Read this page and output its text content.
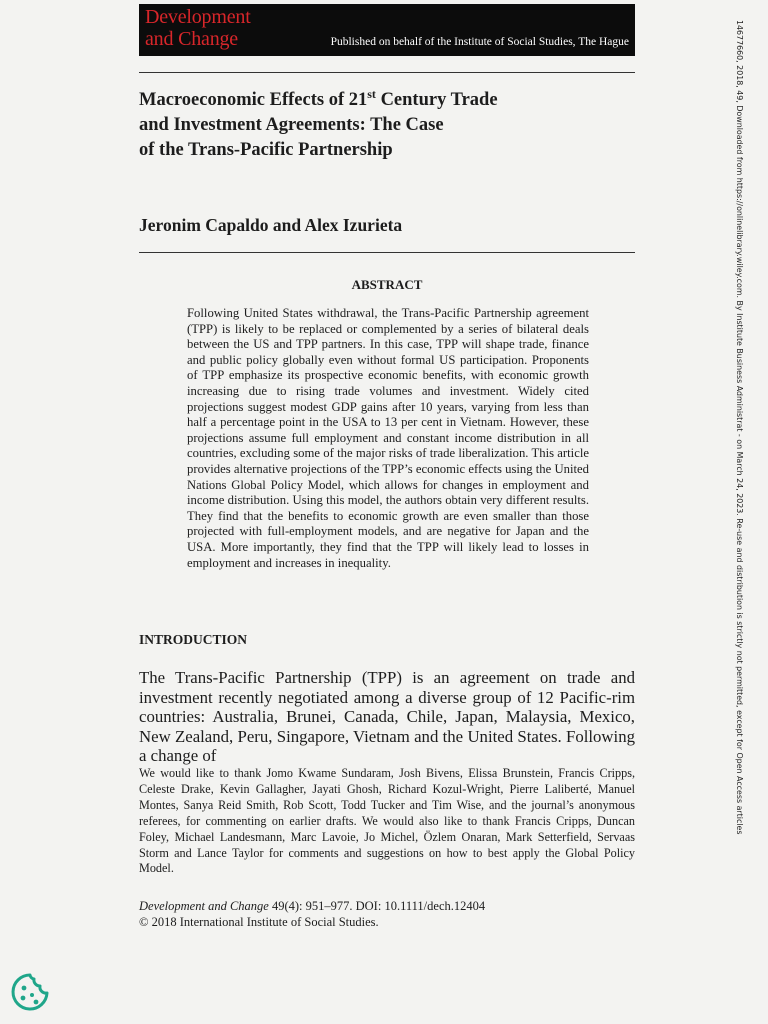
Development
and Change	Published on behalf of the Institute of Social Studies, The Hague
Macroeconomic Effects of 21st Century Trade
and Investment Agreements: The Case
of the Trans-Pacific Partnership
Jeronim Capaldo and Alex Izurieta
ABSTRACT

Following United States withdrawal, the Trans-Pacific Partnership agreement (TPP) is likely to be replaced or complemented by a series of bilateral deals between the US and TPP partners. In this case, TPP will shape trade, finance and public policy globally even without formal US participation. Proponents of TPP emphasize its prospective economic benefits, with economic growth increasing due to rising trade volumes and investment. Widely cited projections suggest modest GDP gains after 10 years, varying from less than half a percentage point in the USA to 13 per cent in Vietnam. However, these projections assume full employment and constant income distribution in all countries, excluding some of the major risks of trade liberalization. This article provides alternative projections of the TPP’s economic effects using the United Nations Global Policy Model, which allows for changes in employment and income distribution. Using this model, the authors obtain very different results. They find that the benefits to economic growth are even smaller than those projected with full-employment models, and are negative for Japan and the USA. More importantly, they find that the TPP will likely lead to losses in employment and increases in inequality.

INTRODUCTION

The Trans-Pacific Partnership (TPP) is an agreement on trade and investment recently negotiated among a diverse group of 12 Pacific-rim countries: Australia, Brunei, Canada, Chile, Japan, Malaysia, Mexico, New Zealand, Peru, Singapore, Vietnam and the United States. Following a change of

We would like to thank Jomo Kwame Sundaram, Josh Bivens, Elissa Brunstein, Francis Cripps, Celeste Drake, Kevin Gallagher, Jayati Ghosh, Richard Kozul-Wright, Pierre Laliberté, Manuel Montes, Sanya Reid Smith, Rob Scott, Todd Tucker and Tim Wise, and the journal’s anonymous referees, for commenting on earlier drafts. We would also like to thank Francis Cripps, Duncan Foley, Michael Landesmann, Marc Lavoie, Jo Michel, Özlem Onaran, Mark Setterfield, Servaas Storm and Lance Taylor for comments and suggestions on how to best apply the Global Policy Model.

Development and Change 49(4): 951–977. DOI: 10.1111/dech.12404
© 2018 International Institute of Social Studies.
14677660, 2018, 49, Downloaded from https://onlinelibrary.wiley.com. By Institute Business Administrat - on March 24, 2023. Re-use and distribution is strictly not permitted, except for Open Access articles
